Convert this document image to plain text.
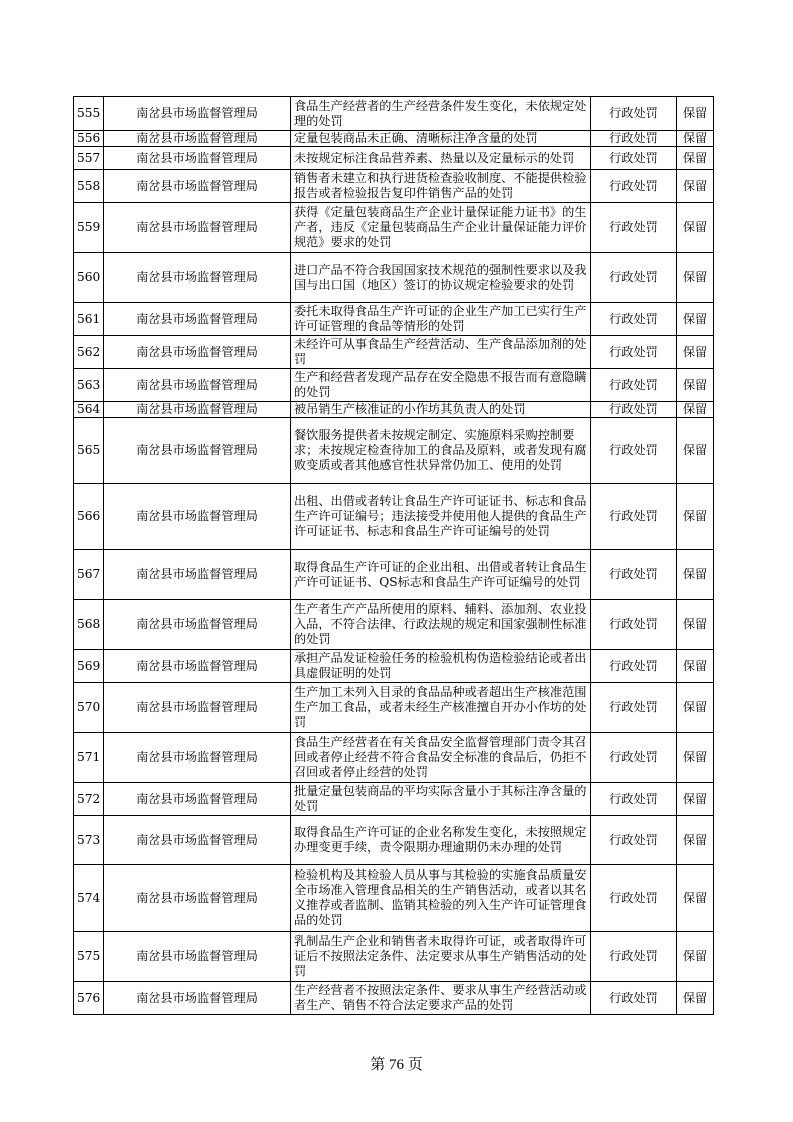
555	南岔县市场监督管理局	食品生产经营者的生产经营条件发生变化，未依规定处理的处罚	行政处罚	保留
556	南岔县市场监督管理局	定量包装商品未正确、清晰标注净含量的处罚	行政处罚	保留
557	南岔县市场监督管理局	未按规定标注食品营养素、热量以及定量标示的处罚	行政处罚	保留
558	南岔县市场监督管理局	销售者未建立和执行进货检查验收制度、不能提供检验报告或者检验报告复印件销售产品的处罚	行政处罚	保留
559	南岔县市场监督管理局	获得《定量包装商品生产企业计量保证能力证书》的生产者，违反《定量包装商品生产企业计量保证能力评价规范》要求的处罚	行政处罚	保留
560	南岔县市场监督管理局	进口产品不符合我国国家技术规范的强制性要求以及我国与出口国（地区）签订的协议规定检验要求的处罚	行政处罚	保留
561	南岔县市场监督管理局	委托未取得食品生产许可证的企业生产加工已实行生产许可证管理的食品等情形的处罚	行政处罚	保留
562	南岔县市场监督管理局	未经许可从事食品生产经营活动、生产食品添加剂的处罚	行政处罚	保留
563	南岔县市场监督管理局	生产和经营者发现产品存在安全隐患不报告而有意隐瞒的处罚	行政处罚	保留
564	南岔县市场监督管理局	被吊销生产核准证的小作坊其负责人的处罚	行政处罚	保留
565	南岔县市场监督管理局	餐饮服务提供者未按规定制定、实施原料采购控制要求；未按规定检查待加工的食品及原料，或者发现有腐败变质或者其他感官性状异常仍加工、使用的处罚	行政处罚	保留
566	南岔县市场监督管理局	出租、出借或者转让食品生产许可证证书、标志和食品生产许可证编号；违法接受并使用他人提供的食品生产许可证证书、标志和食品生产许可证编号的处罚	行政处罚	保留
567	南岔县市场监督管理局	取得食品生产许可证的企业出租、出借或者转让食品生产许可证证书、QS标志和食品生产许可证编号的处罚	行政处罚	保留
568	南岔县市场监督管理局	生产者生产产品所使用的原料、辅料、添加剂、农业投入品，不符合法律、行政法规的规定和国家强制性标准的处罚	行政处罚	保留
569	南岔县市场监督管理局	承担产品发证检验任务的检验机构伪造检验结论或者出具虚假证明的处罚	行政处罚	保留
570	南岔县市场监督管理局	生产加工未列入目录的食品品种或者超出生产核准范围生产加工食品，或者未经生产核准擅自开办小作坊的处罚	行政处罚	保留
571	南岔县市场监督管理局	食品生产经营者在有关食品安全监督管理部门责令其召回或者停止经营不符合食品安全标准的食品后，仍拒不召回或者停止经营的处罚	行政处罚	保留
572	南岔县市场监督管理局	批量定量包装商品的平均实际含量小于其标注净含量的处罚	行政处罚	保留
573	南岔县市场监督管理局	取得食品生产许可证的企业名称发生变化，未按照规定办理变更手续，责令限期办理逾期仍未办理的处罚	行政处罚	保留
574	南岔县市场监督管理局	检验机构及其检验人员从事与其检验的实施食品质量安全市场准入管理食品相关的生产销售活动，或者以其名义推荐或者监制、监销其检验的列入生产许可证管理食品的处罚	行政处罚	保留
575	南岔县市场监督管理局	乳制品生产企业和销售者未取得许可证，或者取得许可证后不按照法定条件、法定要求从事生产销售活动的处罚	行政处罚	保留
576	南岔县市场监督管理局	生产经营者不按照法定条件、要求从事生产经营活动或者生产、销售不符合法定要求产品的处罚	行政处罚	保留
第 76 页
